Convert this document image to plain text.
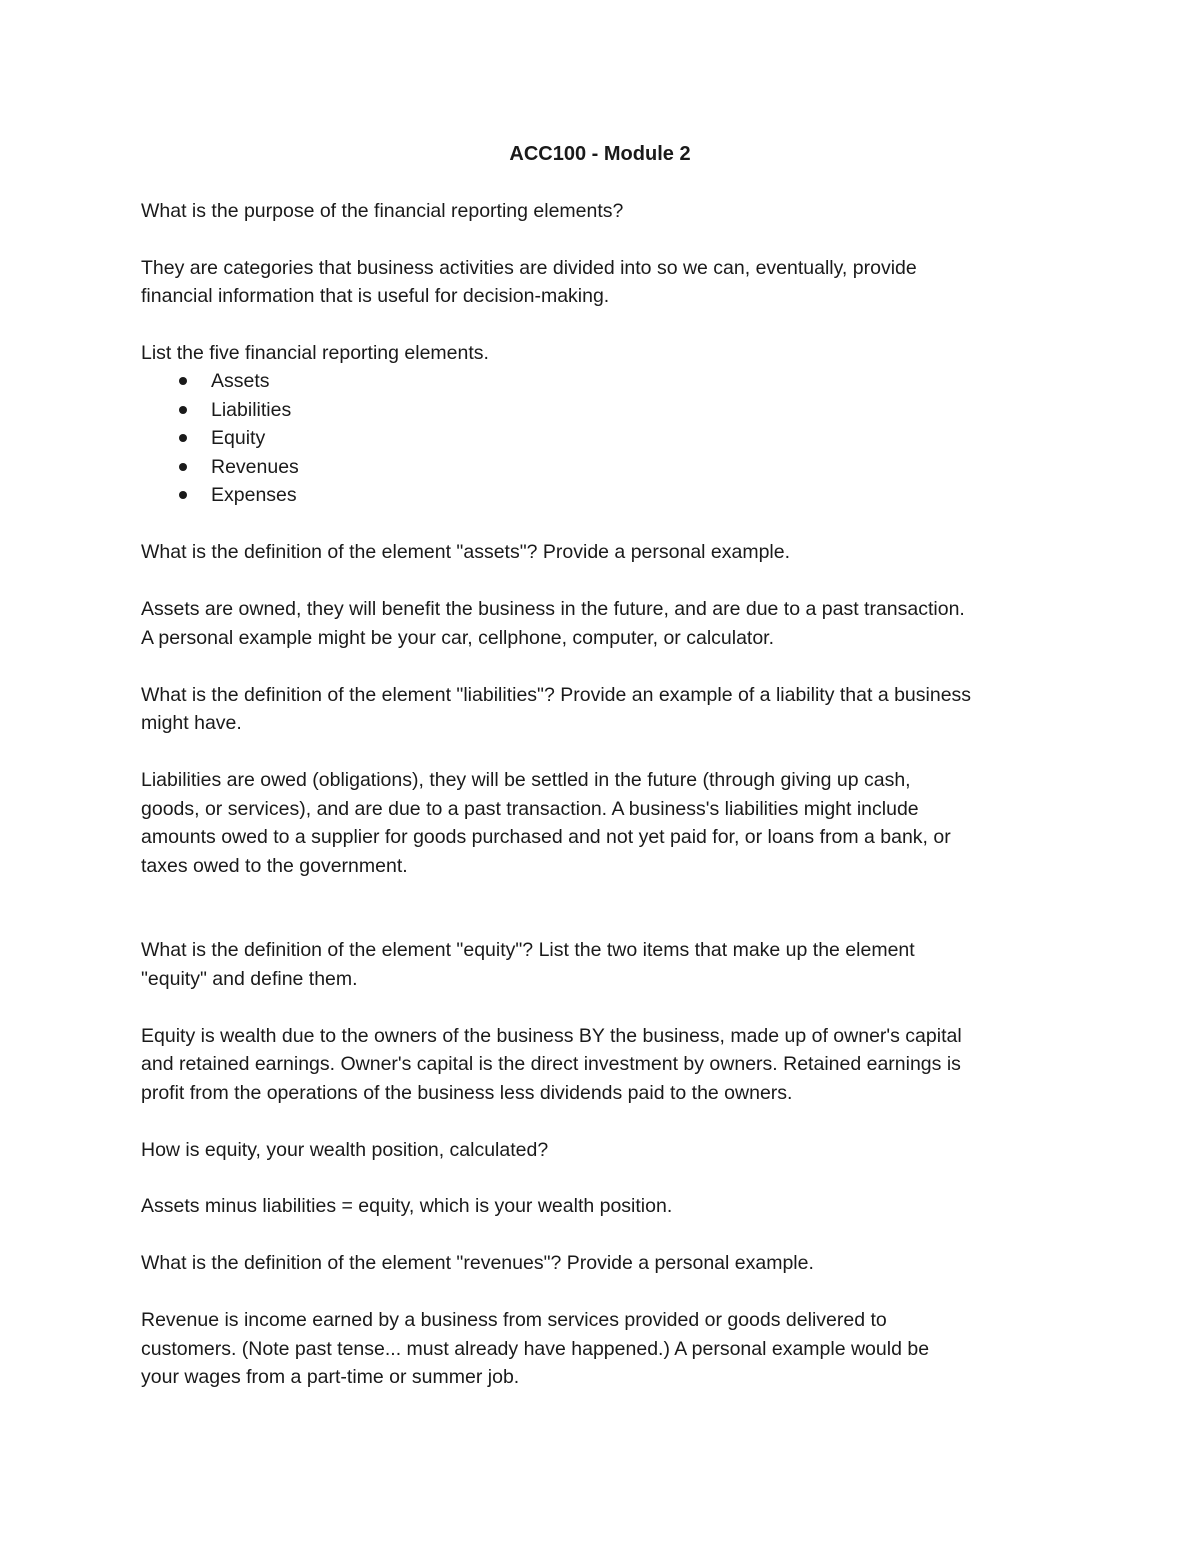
ACC100 - Module 2

What is the purpose of the financial reporting elements?

They are categories that business activities are divided into so we can, eventually, provide

financial information that is useful for decision-making.

List the five financial reporting elements.

Assets
Liabilities
Equity
Revenues
Expenses

What is the definition of the element "assets"? Provide a personal example.

Assets are owned, they will benefit the business in the future, and are due to a past transaction.

A personal example might be your car, cellphone, computer, or calculator.

What is the definition of the element "liabilities"? Provide an example of a liability that a business

might have.

Liabilities are owed (obligations), they will be settled in the future (through giving up cash,

goods, or services), and are due to a past transaction. A business's liabilities might include

amounts owed to a supplier for goods purchased and not yet paid for, or loans from a bank, or

taxes owed to the government.

What is the definition of the element "equity"? List the two items that make up the element

"equity" and define them.

Equity is wealth due to the owners of the business BY the business, made up of owner's capital

and retained earnings. Owner's capital is the direct investment by owners. Retained earnings is

profit from the operations of the business less dividends paid to the owners.

How is equity, your wealth position, calculated?

Assets minus liabilities = equity, which is your wealth position.

What is the definition of the element "revenues"? Provide a personal example.

Revenue is income earned by a business from services provided or goods delivered to

customers. (Note past tense... must already have happened.) A personal example would be

your wages from a part-time or summer job.
